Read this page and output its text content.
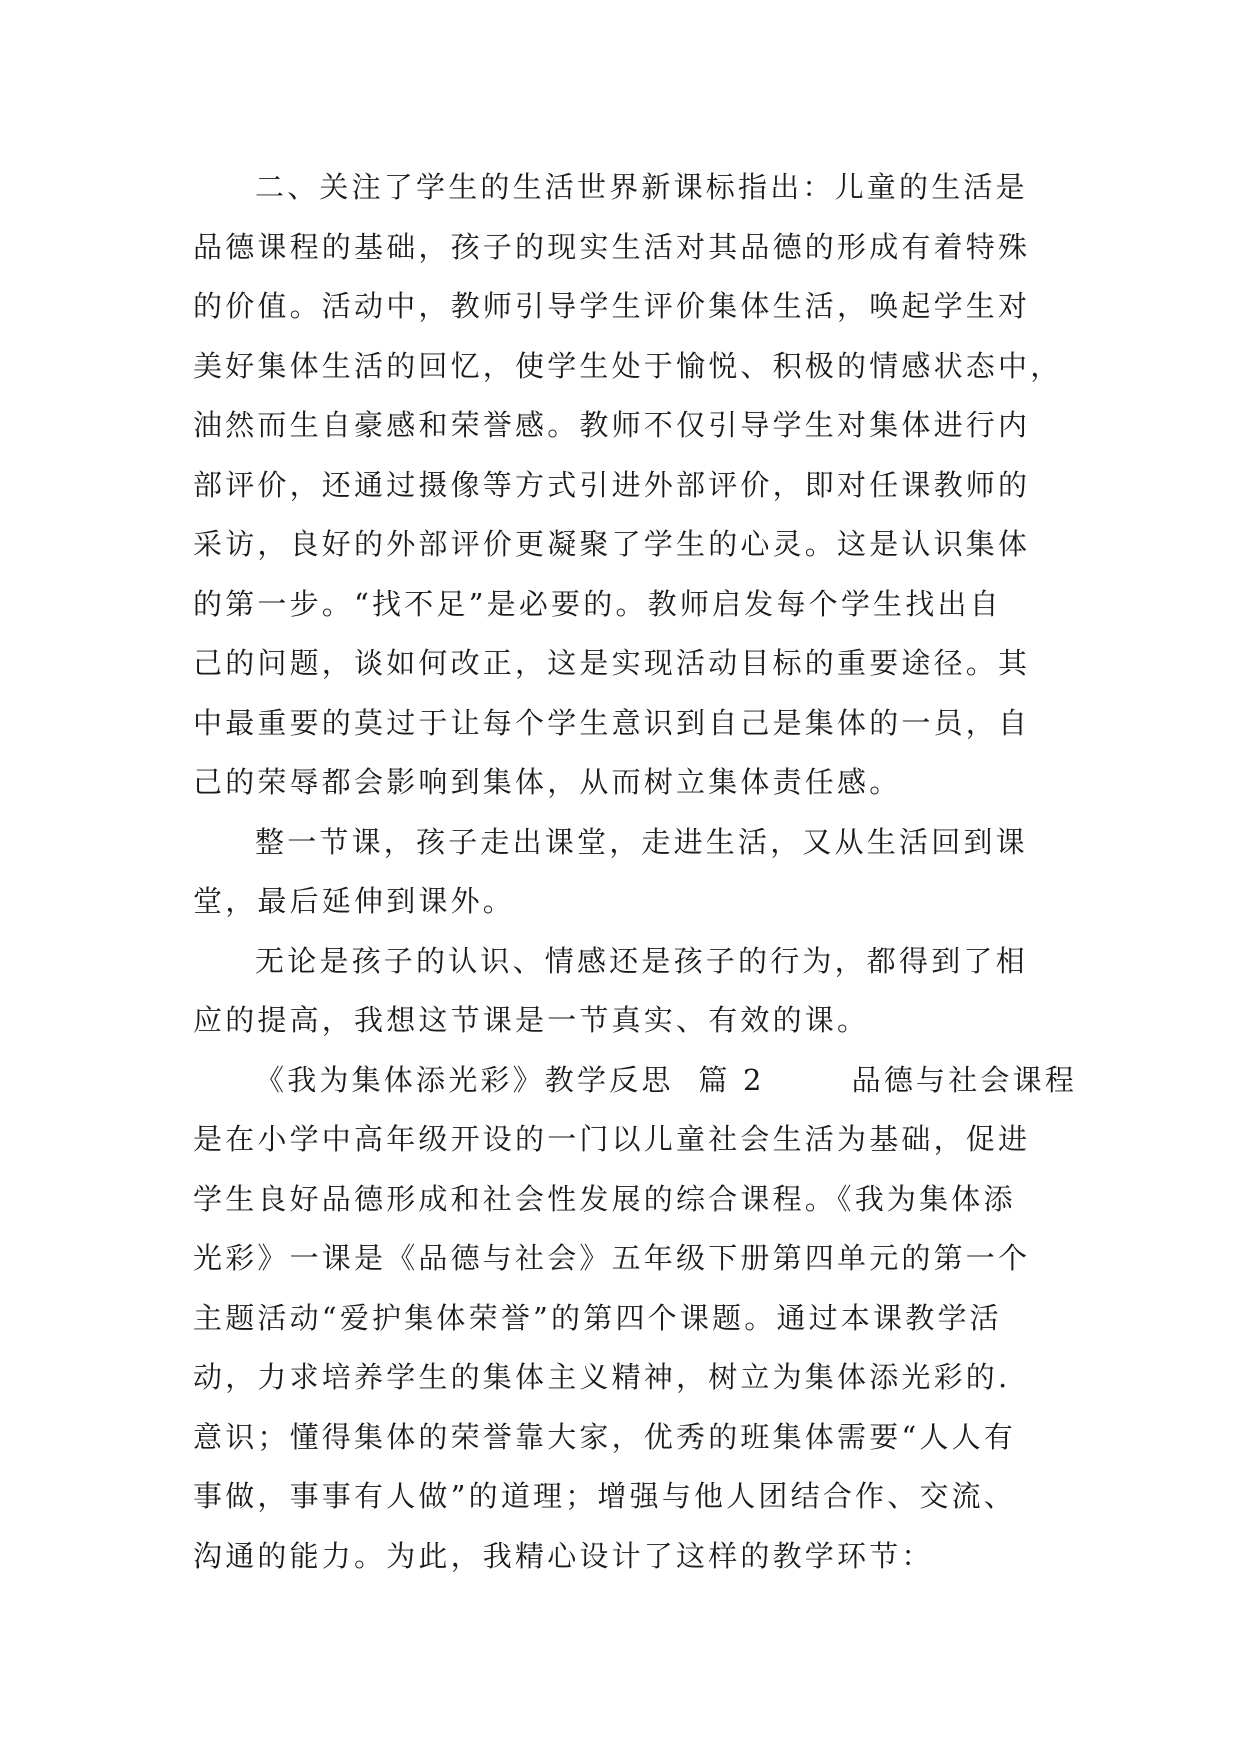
二、关注了学生的生活世界新课标指出：儿童的生活是
品德课程的基础，孩子的现实生活对其品德的形成有着特殊
的价值。活动中，教师引导学生评价集体生活，唤起学生对
美好集体生活的回忆，使学生处于愉悦、积极的情感状态中，
油然而生自豪感和荣誉感。教师不仅引导学生对集体进行内
部评价，还通过摄像等方式引进外部评价，即对任课教师的
采访，良好的外部评价更凝聚了学生的心灵。这是认识集体
的第一步。“找不足”是必要的。教师启发每个学生找出自
己的问题，谈如何改正，这是实现活动目标的重要途径。其
中最重要的莫过于让每个学生意识到自己是集体的一员，自
己的荣辱都会影响到集体，从而树立集体责任感。
整一节课，孩子走出课堂，走进生活，又从生活回到课
堂，最后延伸到课外。
无论是孩子的认识、情感还是孩子的行为，都得到了相
应的提高，我想这节课是一节真实、有效的课。
《我为集体添光彩》教学反思  篇 2       品德与社会课程
是在小学中高年级开设的一门以儿童社会生活为基础，促进
学生良好品德形成和社会性发展的综合课程。《我为集体添
光彩》一课是《品德与社会》五年级下册第四单元的第一个
主题活动“爱护集体荣誉”的第四个课题。通过本课教学活
动，力求培养学生的集体主义精神，树立为集体添光彩的.
意识；懂得集体的荣誉靠大家，优秀的班集体需要“人人有
事做，事事有人做”的道理；增强与他人团结合作、交流、
沟通的能力。为此，我精心设计了这样的教学环节：
